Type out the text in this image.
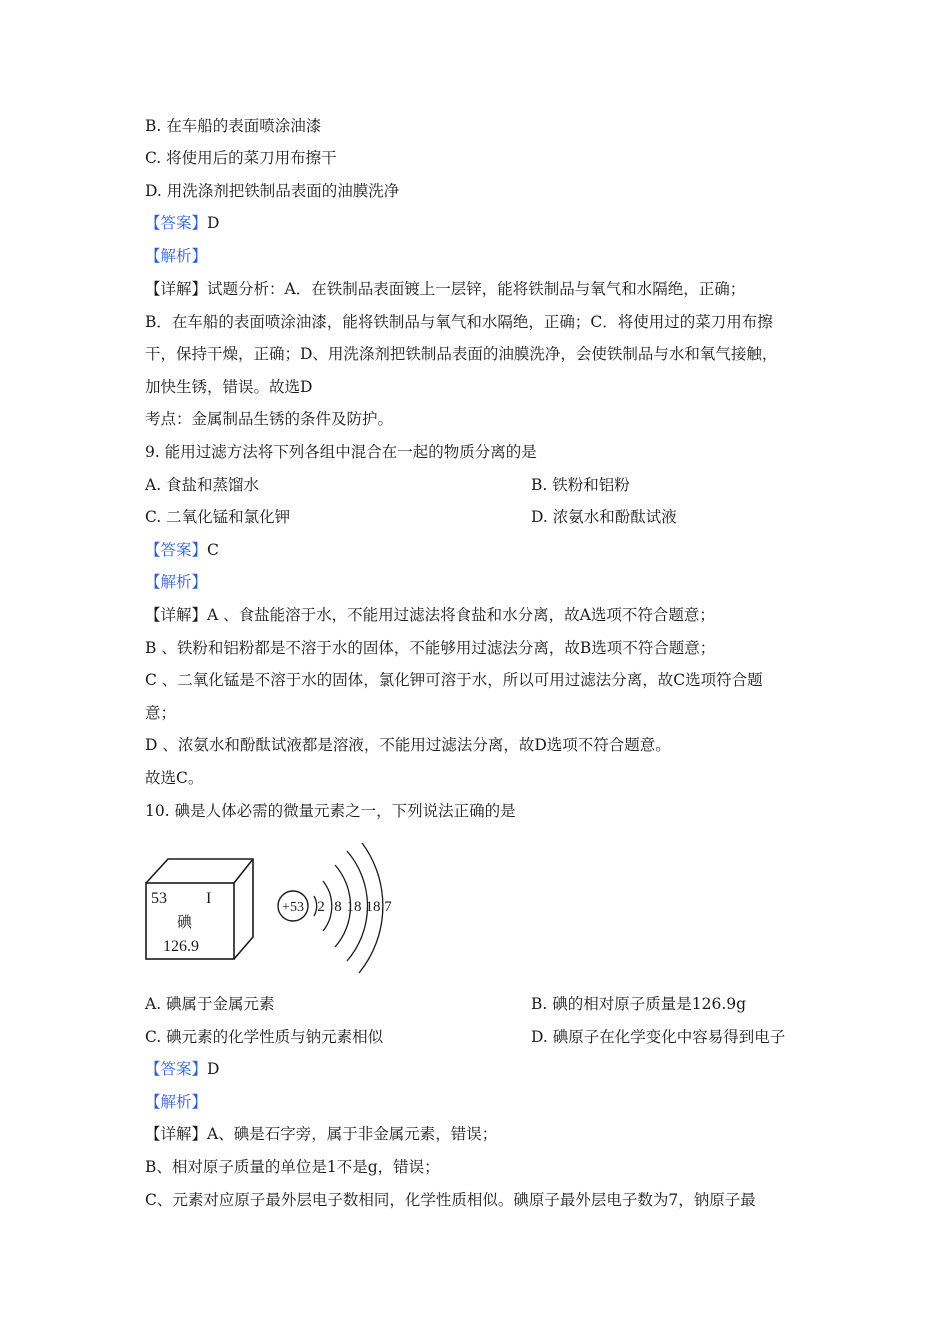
B. 在车船的表面喷涂油漆
C. 将使用后的菜刀用布擦干
D. 用洗涤剂把铁制品表面的油膜洗净
【答案】D
【解析】
【详解】试题分析：A．在铁制品表面镀上一层锌，能将铁制品与氧气和水隔绝，正确；
B．在车船的表面喷涂油漆，能将铁制品与氧气和水隔绝，正确；C．将使用过的菜刀用布擦
干，保持干燥，正确；D、用洗涤剂把铁制品表面的油膜洗净，会使铁制品与水和氧气接触，
加快生锈，错误。故选D
考点：金属制品生锈的条件及防护。
9. 能用过滤方法将下列各组中混合在一起的物质分离的是
A. 食盐和蒸馏水	B. 铁粉和铝粉
C. 二氧化锰和氯化钾	D. 浓氨水和酚酞试液
【答案】C
【解析】
【详解】A 、食盐能溶于水，不能用过滤法将食盐和水分离，故A选项不符合题意；
B 、铁粉和铝粉都是不溶于水的固体，不能够用过滤法分离，故B选项不符合题意；
C 、二氧化锰是不溶于水的固体，氯化钾可溶于水，所以可用过滤法分离，故C选项符合题
意；
D 、浓氨水和酚酞试液都是溶液，不能用过滤法分离，故D选项不符合题意。
故选C。
10. 碘是人体必需的微量元素之一，下列说法正确的是
53 I
碘
126.9
+53 2 8 18 18 7
A. 碘属于金属元素	B. 碘的相对原子质量是126.9g
C. 碘元素的化学性质与钠元素相似	D. 碘原子在化学变化中容易得到电子
【答案】D
【解析】
【详解】A、碘是石字旁，属于非金属元素，错误；
B、相对原子质量的单位是1不是g，错误；
C、元素对应原子最外层电子数相同，化学性质相似。碘原子最外层电子数为7，钠原子最
